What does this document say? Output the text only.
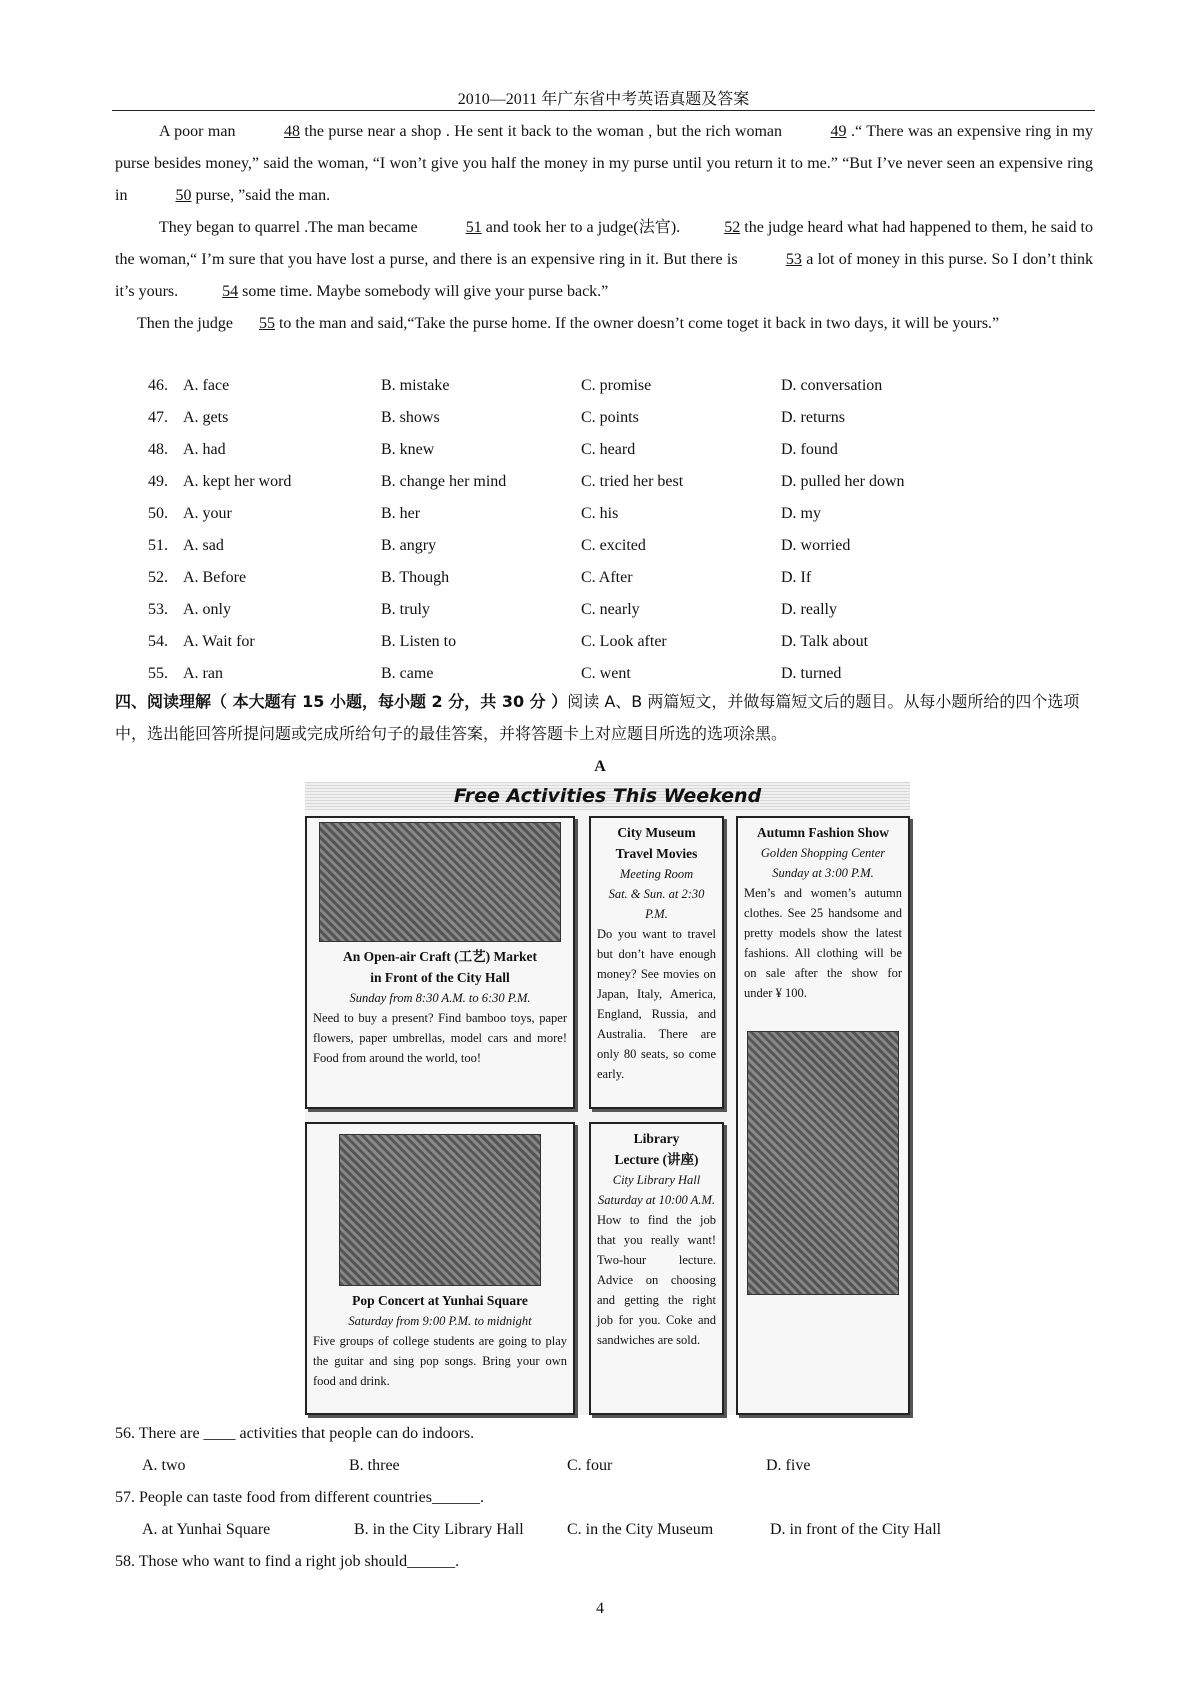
2010—2011 年广东省中考英语真题及答案
A poor man	48 the purse near a shop . He sent it back to the woman , but the rich woman	49 .“ There was an expensive ring in my purse besides money,” said the woman, “I won’t give you half the money in my purse until you return it to me.” “But I’ve never seen an expensive ring in	50 purse, ”said the man.
They began to quarrel .The man became	51 and took her to a judge(法官).	52 the judge heard what had happened to them, he said to the woman,“ I’m sure that you have lost a purse, and there is an expensive ring in it. But there is	53 a lot of money in this purse. So I don’t think it’s yours.	54 some time. Maybe somebody will give your purse back.”
Then the judge 55 to the man and said,“Take the purse home. If the owner doesn’t come toget it back in two days, it will be yours.”
46. A. face	B. mistake	C. promise	D. conversation
47. A. gets	B. shows	C. points	D. returns
48. A. had	B. knew	C. heard	D. found
49. A. kept her word	B. change her mind	C. tried her best	D. pulled her down
50. A. your	B. her	C. his	D. my
51. A. sad	B. angry	C. excited	D. worried
52. A. Before	B. Though	C. After	D. If
53. A. only	B. truly	C. nearly	D. really
54. A. Wait for	B. Listen to	C. Look after	D. Talk about
55. A. ran	B. came	C. went	D. turned
四、阅读理解（ 本大题有 15 小题，每小题 2 分，共 30 分 ）阅读 A、B 两篇短文，并做每篇短文后的题目。从每小题所给的四个选项中，选出能回答所提问题或完成所给句子的最佳答案，并将答题卡上对应题目所选的选项涂黑。
A
Free Activities This Weekend
An Open-air Craft (工艺) Market
in Front of the City Hall
Sunday from 8:30 A.M. to 6:30 P.M.
Need to buy a present? Find bamboo toys, paper flowers, paper umbrellas, model cars and more! Food from around the world, too!
City Museum
Travel Movies
Meeting Room
Sat. & Sun. at 2:30 P.M.
Do you want to travel but don’t have enough money? See movies on Japan, Italy, America, England, Russia, and Australia. There are only 80 seats, so come early.
Autumn Fashion Show
Golden Shopping Center
Sunday at 3:00 P.M.
Men’s and women’s autumn clothes. See 25 handsome and pretty models show the latest fashions. All clothing will be on sale after the show for under ¥ 100.
Pop Concert at Yunhai Square
Saturday from 9:00 P.M. to midnight
Five groups of college students are going to play the guitar and sing pop songs. Bring your own food and drink.
Library
Lecture (讲座)
City Library Hall
Saturday at 10:00 A.M.
How to find the job that you really want! Two-hour lecture. Advice on choosing and getting the right job for you. Coke and sandwiches are sold.
56. There are ____ activities that people can do indoors.
A. two	B. three	C. four	D. five
57. People can taste food from different countries______.
A. at Yunhai Square	B. in the City Library Hall	C. in the City Museum	D. in front of the City Hall
58. Those who want to find a right job should______.
4
